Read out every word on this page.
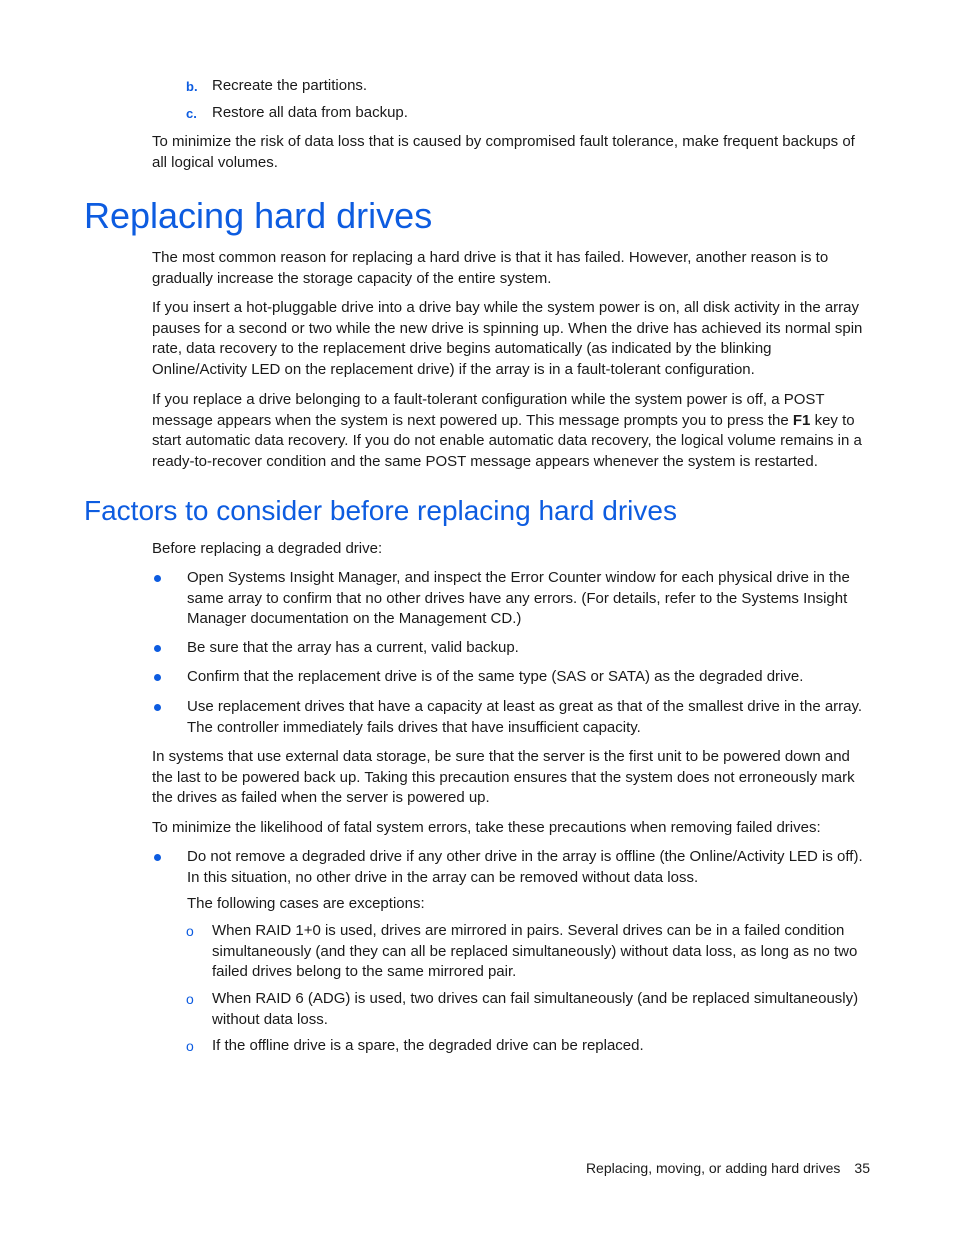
b. Recreate the partitions.
c. Restore all data from backup.

To minimize the risk of data loss that is caused by compromised fault tolerance, make frequent backups of all logical volumes.

Replacing hard drives

The most common reason for replacing a hard drive is that it has failed. However, another reason is to gradually increase the storage capacity of the entire system.

If you insert a hot-pluggable drive into a drive bay while the system power is on, all disk activity in the array pauses for a second or two while the new drive is spinning up. When the drive has achieved its normal spin rate, data recovery to the replacement drive begins automatically (as indicated by the blinking Online/Activity LED on the replacement drive) if the array is in a fault-tolerant configuration.

If you replace a drive belonging to a fault-tolerant configuration while the system power is off, a POST message appears when the system is next powered up. This message prompts you to press the F1 key to start automatic data recovery. If you do not enable automatic data recovery, the logical volume remains in a ready-to-recover condition and the same POST message appears whenever the system is restarted.

Factors to consider before replacing hard drives

Before replacing a degraded drive:

Open Systems Insight Manager, and inspect the Error Counter window for each physical drive in the same array to confirm that no other drives have any errors. (For details, refer to the Systems Insight Manager documentation on the Management CD.)
Be sure that the array has a current, valid backup.
Confirm that the replacement drive is of the same type (SAS or SATA) as the degraded drive.
Use replacement drives that have a capacity at least as great as that of the smallest drive in the array. The controller immediately fails drives that have insufficient capacity.

In systems that use external data storage, be sure that the server is the first unit to be powered down and the last to be powered back up. Taking this precaution ensures that the system does not erroneously mark the drives as failed when the server is powered up.

To minimize the likelihood of fatal system errors, take these precautions when removing failed drives:

Do not remove a degraded drive if any other drive in the array is offline (the Online/Activity LED is off). In this situation, no other drive in the array can be removed without data loss.
The following cases are exceptions:
o When RAID 1+0 is used, drives are mirrored in pairs. Several drives can be in a failed condition simultaneously (and they can all be replaced simultaneously) without data loss, as long as no two failed drives belong to the same mirrored pair.
o When RAID 6 (ADG) is used, two drives can fail simultaneously (and be replaced simultaneously) without data loss.
o If the offline drive is a spare, the degraded drive can be replaced.
Replacing, moving, or adding hard drives 35
